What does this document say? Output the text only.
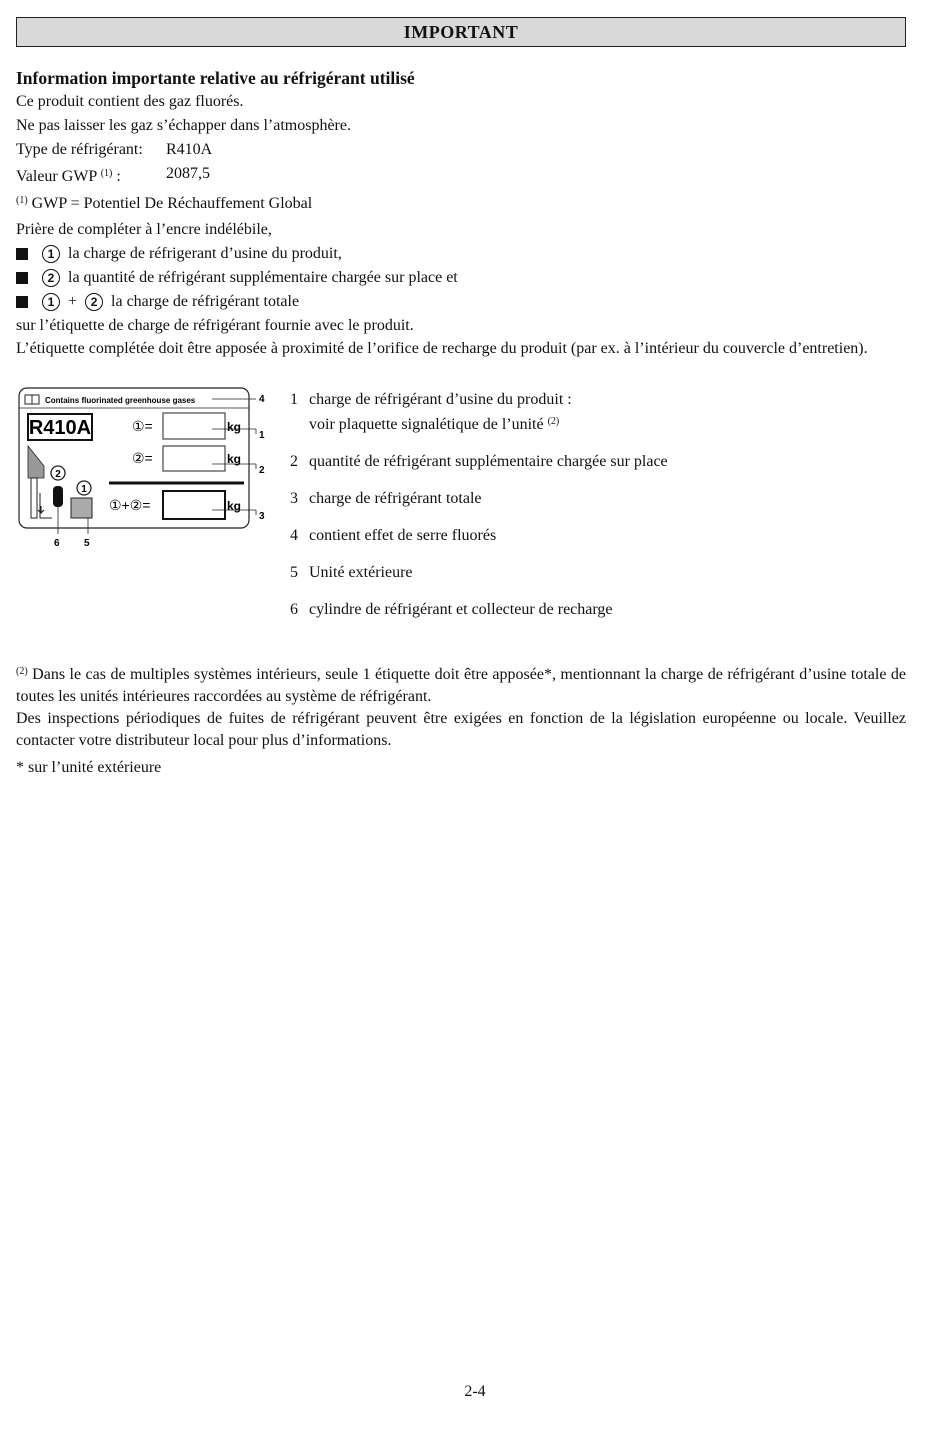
IMPORTANT
Information importante relative au réfrigérant utilisé
Ce produit contient des gaz fluorés.
Ne pas laisser les gaz s’échapper dans l’atmosphère.
Type de réfrigérant:	R410A
Valeur GWP $^{(1)}$ :	2087,5
$^{(1)}$ GWP = Potentiel De Réchauffement Global
Prière de compléter à l’encre indélébile,
1 la charge de réfrigerant d’usine du produit,
2 la quantité de réfrigérant supplémentaire chargée sur place et
1 +	2 la charge de réfrigérant totale
sur l’étiquette de charge de réfrigérant fournie avec le produit.
L’étiquette complétée doit être apposée à proximité de l’orifice de recharge du produit (par ex. à l’intérieur du couvercle d’entretien).
Contains fluorinated greenhouse gases
R410A	①=	kg
②=	kg
①+②=	kg
2
1
4
1
2
3
6 5
1 charge de réfrigérant d’usine du produit :
voir plaquette signalétique de l’unité $^{(2)}$
2 quantité de réfrigérant supplémentaire chargée sur place
3 charge de réfrigérant totale
4 contient effet de serre fluorés
5 Unité extérieure
6 cylindre de réfrigérant et collecteur de recharge
$^{(2)}$ Dans le cas de multiples systèmes intérieurs, seule 1 étiquette doit être apposée*, mentionnant la charge de réfrigérant d’usine totale de toutes les unités intérieures raccordées au système de réfrigérant.
Des inspections périodiques de fuites de réfrigérant peuvent être exigées en fonction de la législation européenne ou locale. Veuillez contacter votre distributeur local pour plus d’informations.
* sur l’unité extérieure
2-4
